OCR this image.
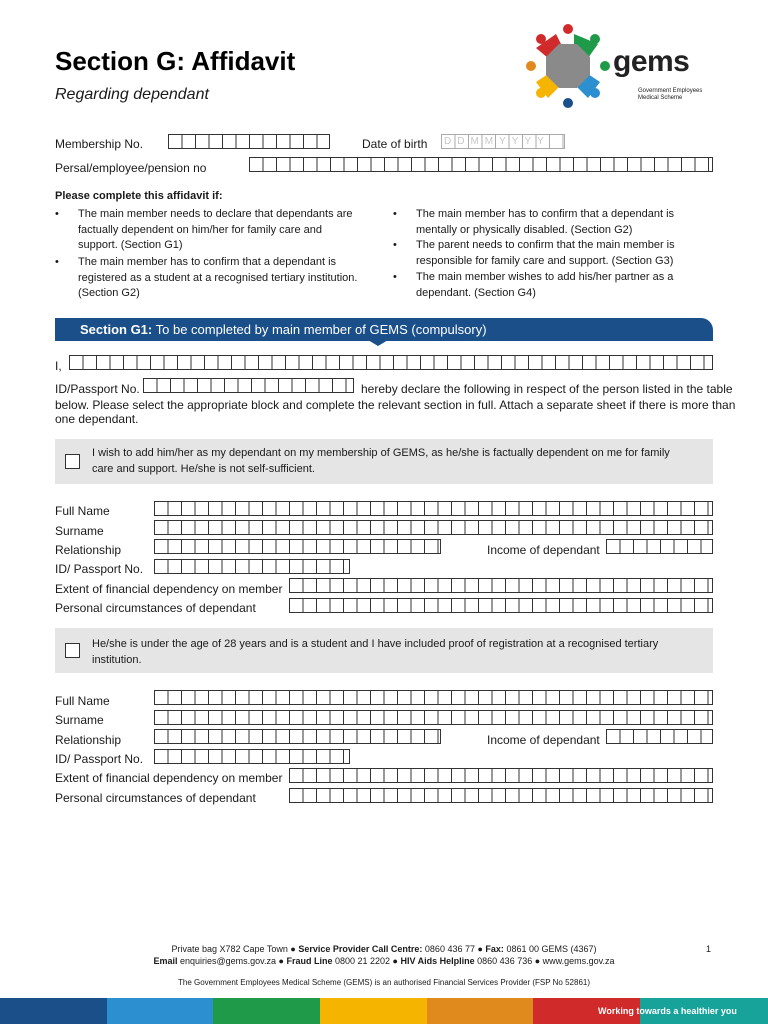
Section G: Affidavit
Regarding dependant
gems
Government Employees
Medical Scheme
Membership No.	Date of birth	DDMMYYYY
Persal/employee/pension no
Please complete this affidavit if:
• The main member needs to declare that dependants are
factually dependent on him/her for family care and
support. (Section G1)
• The main member has to confirm that a dependant is
registered as a student at a recognised tertiary institution.
(Section G2)
• The main member has to confirm that a dependant is
mentally or physically disabled. (Section G2)
• The parent needs to confirm that the main member is
responsible for family care and support. (Section G3)
• The main member wishes to add his/her partner as a
dependant. (Section G4)
Section G1: To be completed by main member of GEMS (compulsory)
I,
ID/Passport No.	hereby declare the following in respect of the person listed in the table
below. Please select the appropriate block and complete the relevant section in full. Attach a separate sheet if there is more than
one dependant.
I wish to add him/her as my dependant on my membership of GEMS, as he/she is factually dependent on me for family
care and support. He/she is not self-sufficient.
Full Name
Surname
Relationship	Income of dependant
ID/ Passport No.
Extent of financial dependency on member
Personal circumstances of dependant
He/she is under the age of 28 years and is a student and I have included proof of registration at a recognised tertiary
institution.
Full Name
Surname
Relationship	Income of dependant
ID/ Passport No.
Extent of financial dependency on member
Personal circumstances of dependant
Private bag X782 Cape Town ● Service Provider Call Centre: 0860 436 77 ● Fax: 0861 00 GEMS (4367)
Email enquiries@gems.gov.za ● Fraud Line 0800 21 2202 ● HIV Aids Helpline 0860 436 736 ● www.gems.gov.za
1
The Government Employees Medical Scheme (GEMS) is an authorised Financial Services Provider (FSP No 52861)
Working towards a healthier you
